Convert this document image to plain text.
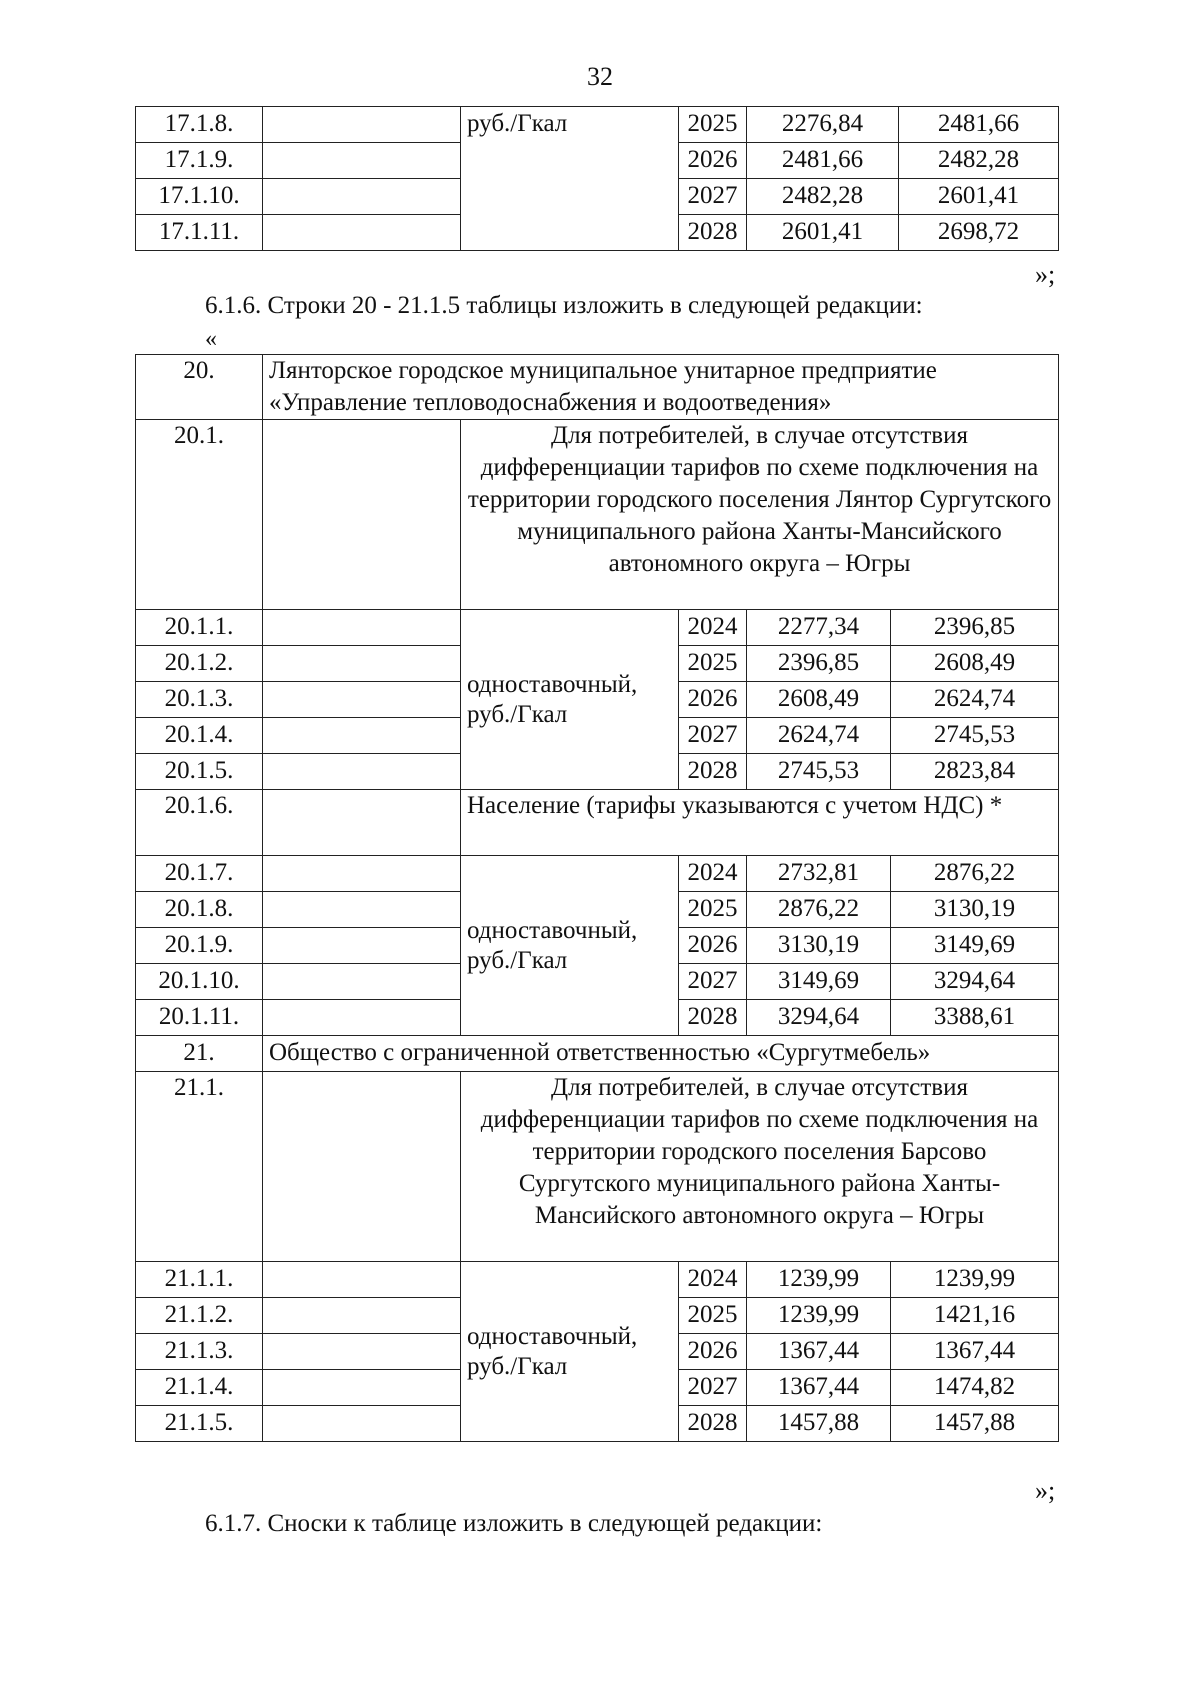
32
17.1.8.		руб./Гкал	2025	2276,84	2481,66
17.1.9.			2026	2481,66	2482,28
17.1.10.			2027	2482,28	2601,41
17.1.11.			2028	2601,41	2698,72
»;
6.1.6. Строки 20 - 21.1.5 таблицы изложить в следующей редакции:
«
20.	Лянторское городское муниципальное унитарное предприятие «Управление тепловодоснабжения и водоотведения»				
20.1.		Для потребителей, в случае отсутствия дифференциации тарифов по схеме подключения на территории городского поселения Лянтор Сургутского муниципального района Ханты-Мансийского автономного округа – Югры			
20.1.1.		одноставочный,
руб./Гкал	2024	2277,34	2396,85
20.1.2.			2025	2396,85	2608,49
20.1.3.			2026	2608,49	2624,74
20.1.4.			2027	2624,74	2745,53
20.1.5.			2028	2745,53	2823,84
20.1.6.		Население (тарифы указываются с учетом НДС) *			
20.1.7.		одноставочный,
руб./Гкал	2024	2732,81	2876,22
20.1.8.			2025	2876,22	3130,19
20.1.9.			2026	3130,19	3149,69
20.1.10.			2027	3149,69	3294,64
20.1.11.			2028	3294,64	3388,61
21.	Общество с ограниченной ответственностью «Сургутмебель»				
21.1.		Для потребителей, в случае отсутствия дифференциации тарифов по схеме подключения на территории городского поселения Барсово Сургутского муниципального района Ханты-Мансийского автономного округа – Югры			
21.1.1.		одноставочный,
руб./Гкал	2024	1239,99	1239,99
21.1.2.			2025	1239,99	1421,16
21.1.3.			2026	1367,44	1367,44
21.1.4.			2027	1367,44	1474,82
21.1.5.			2028	1457,88	1457,88
»;
6.1.7. Сноски к таблице изложить в следующей редакции:
